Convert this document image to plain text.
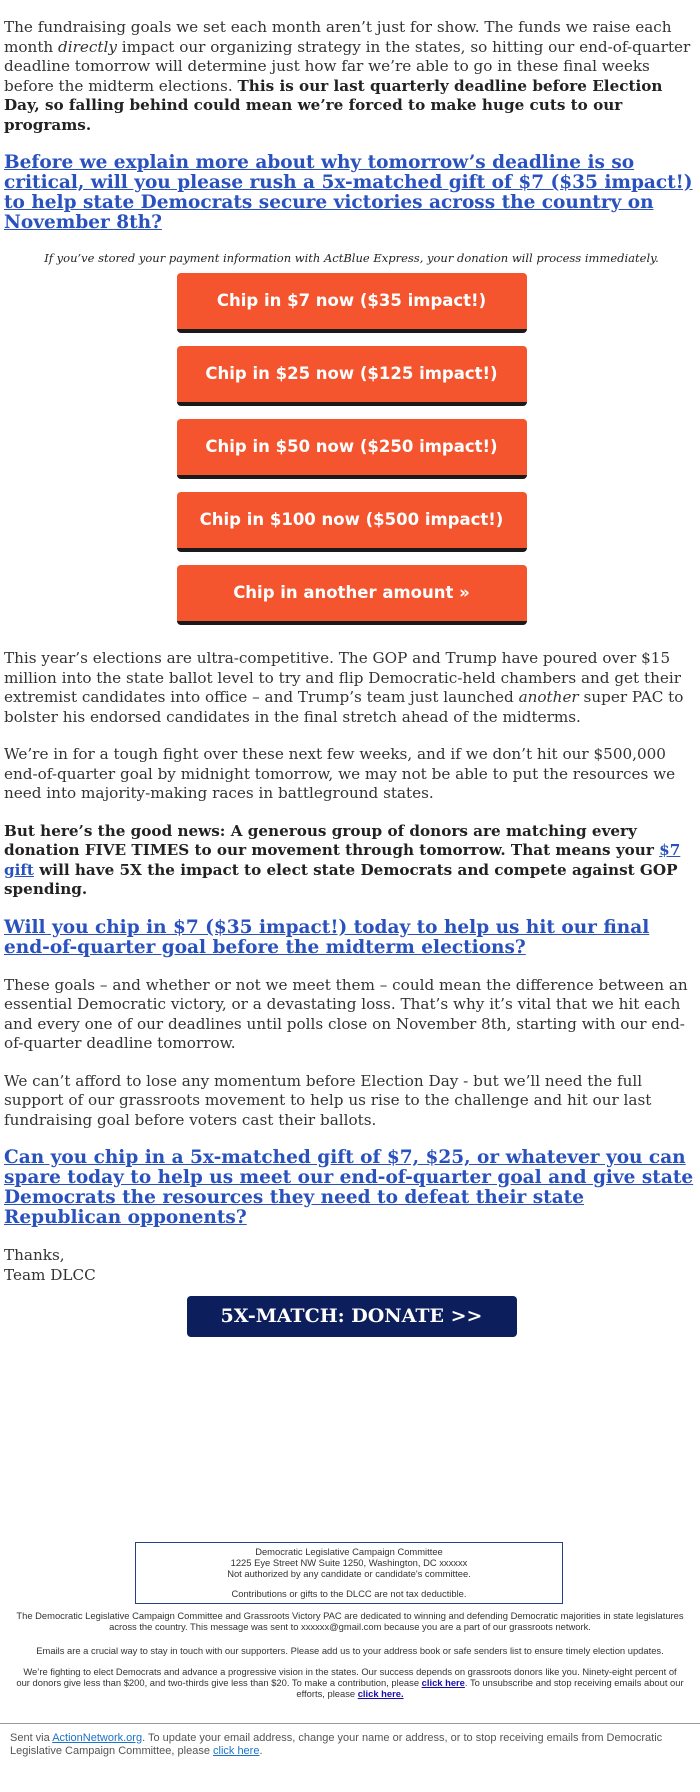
The fundraising goals we set each month aren’t just for show. The funds we raise each month directly impact our organizing strategy in the states, so hitting our end-of-quarter deadline tomorrow will determine just how far we’re able to go in these final weeks before the midterm elections. This is our last quarterly deadline before Election Day, so falling behind could mean we’re forced to make huge cuts to our programs.

Before we explain more about why tomorrow’s deadline is so critical, will you please rush a 5x-matched gift of $7 ($35 impact!) to help state Democrats secure victories across the country on November 8th?
If you’ve stored your payment information with ActBlue Express, your donation will process immediately.
Chip in $7 now ($35 impact!)
Chip in $25 now ($125 impact!)
Chip in $50 now ($250 impact!)
Chip in $100 now ($500 impact!)
Chip in another amount »

This year’s elections are ultra-competitive. The GOP and Trump have poured over $15 million into the state ballot level to try and flip Democratic-held chambers and get their extremist candidates into office – and Trump’s team just launched another super PAC to bolster his endorsed candidates in the final stretch ahead of the midterms.

We’re in for a tough fight over these next few weeks, and if we don’t hit our $500,000 end-of-quarter goal by midnight tomorrow, we may not be able to put the resources we need into majority-making races in battleground states.

But here’s the good news: A generous group of donors are matching every donation FIVE TIMES to our movement through tomorrow. That means your $7 gift will have 5X the impact to elect state Democrats and compete against GOP spending.

Will you chip in $7 ($35 impact!) today to help us hit our final end-of-quarter goal before the midterm elections?

These goals – and whether or not we meet them – could mean the difference between an essential Democratic victory, or a devastating loss. That’s why it’s vital that we hit each and every one of our deadlines until polls close on November 8th, starting with our end-of-quarter deadline tomorrow.

We can’t afford to lose any momentum before Election Day - but we’ll need the full support of our grassroots movement to help us rise to the challenge and hit our last fundraising goal before voters cast their ballots.

Can you chip in a 5x-matched gift of $7, $25, or whatever you can spare today to help us meet our end-of-quarter goal and give state Democrats the resources they need to defeat their state Republican opponents?

Thanks,
Team DLCC

5X-MATCH: DONATE >>
Democratic Legislative Campaign Committee
1225 Eye Street NW Suite 1250, Washington, DC xxxxxx
Not authorized by any candidate or candidate's committee.
Contributions or gifts to the DLCC are not tax deductible.
The Democratic Legislative Campaign Committee and Grassroots Victory PAC are dedicated to winning and defending Democratic majorities in state legislatures across the country. This message was sent to xxxxxx@gmail.com because you are a part of our grassroots network.
Emails are a crucial way to stay in touch with our supporters. Please add us to your address book or safe senders list to ensure timely election updates.
We’re fighting to elect Democrats and advance a progressive vision in the states. Our success depends on grassroots donors like you. Ninety-eight percent of our donors give less than $200, and two-thirds give less than $20. To make a contribution, please click here. To unsubscribe and stop receiving emails about our efforts, please click here.
Sent via ActionNetwork.org. To update your email address, change your name or address, or to stop receiving emails from Democratic Legislative Campaign Committee, please click here.
